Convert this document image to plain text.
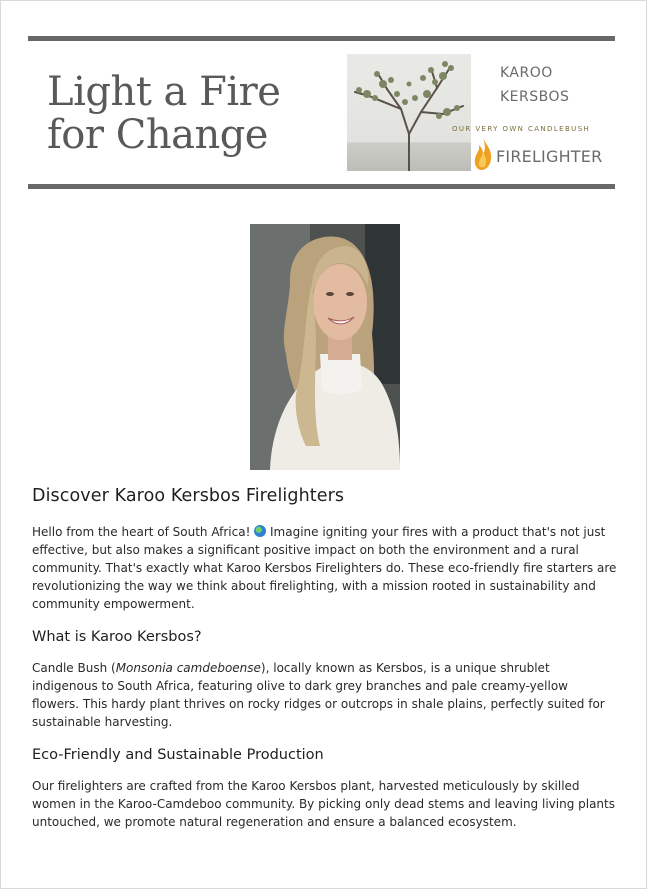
Light a Fire for Change
KAROO
KERSBOS
OUR VERY OWN CANDLEBUSH
FIRELIGHTER
Discover Karoo Kersbos Firelighters

Hello from the heart of South Africa!  Imagine igniting your fires with a product that's not just effective, but also makes a significant positive impact on both the environment and a rural community. That's exactly what Karoo Kersbos Firelighters do. These eco-friendly fire starters are revolutionizing the way we think about firelighting, with a mission rooted in sustainability and community empowerment.

What is Karoo Kersbos?

Candle Bush (Monsonia camdeboense), locally known as Kersbos, is a unique shrublet indigenous to South Africa, featuring olive to dark grey branches and pale creamy-yellow flowers. This hardy plant thrives on rocky ridges or outcrops in shale plains, perfectly suited for sustainable harvesting.

Eco-Friendly and Sustainable Production

Our firelighters are crafted from the Karoo Kersbos plant, harvested meticulously by skilled women in the Karoo-Camdeboo community. By picking only dead stems and leaving living plants untouched, we promote natural regeneration and ensure a balanced ecosystem.
